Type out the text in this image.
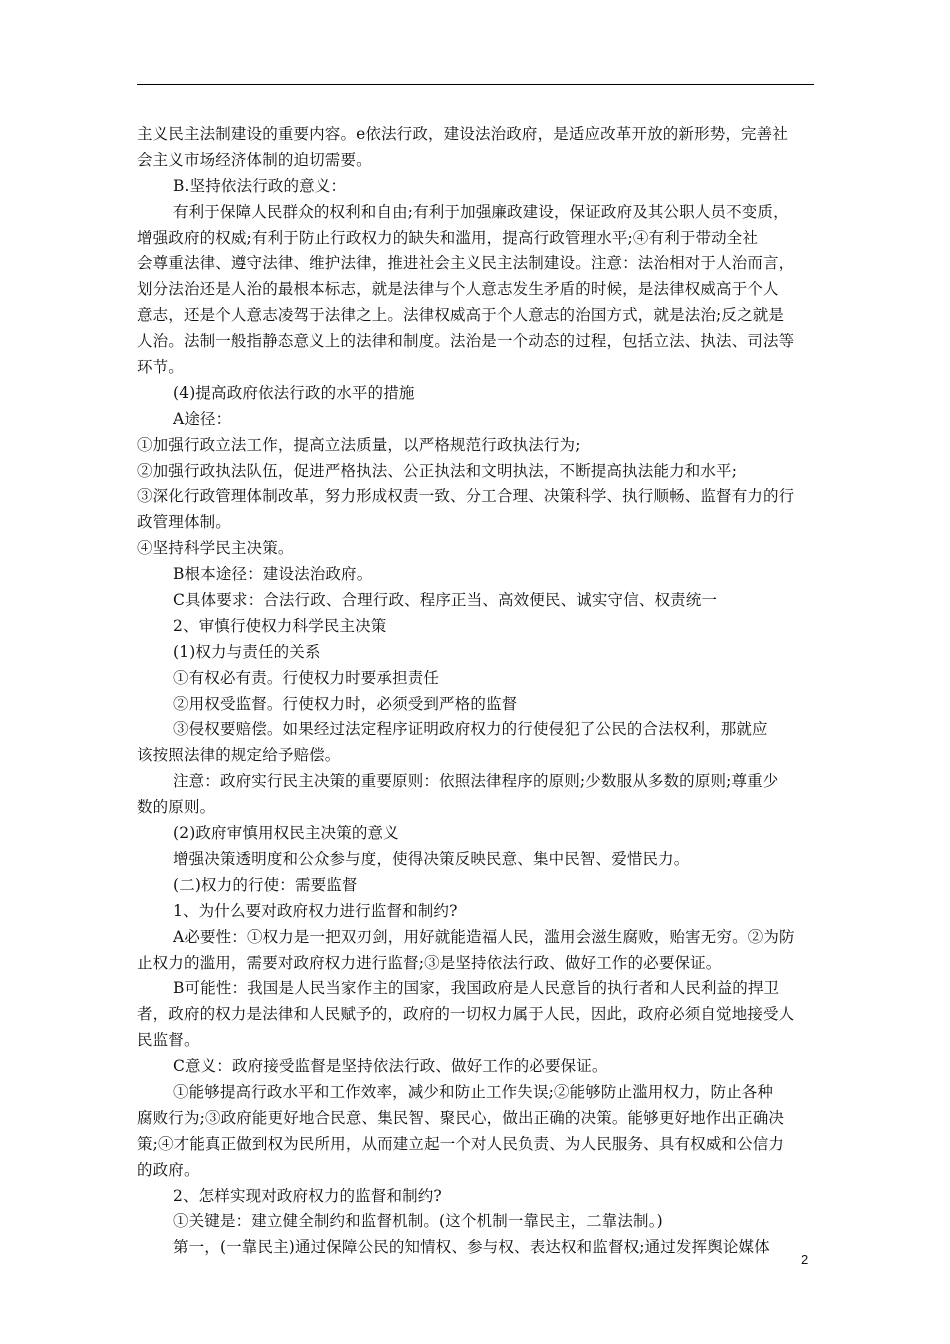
主义民主法制建设的重要内容。e依法行政，建设法治政府，是适应改革开放的新形势，完善社
会主义市场经济体制的迫切需要。
B.坚持依法行政的意义：
有利于保障人民群众的权利和自由;有利于加强廉政建设，保证政府及其公职人员不变质，
增强政府的权威;有利于防止行政权力的缺失和滥用，提高行政管理水平;④有利于带动全社
会尊重法律、遵守法律、维护法律，推进社会主义民主法制建设。注意：法治相对于人治而言，
划分法治还是人治的最根本标志，就是法律与个人意志发生矛盾的时候，是法律权威高于个人
意志，还是个人意志凌驾于法律之上。法律权威高于个人意志的治国方式，就是法治;反之就是
人治。法制一般指静态意义上的法律和制度。法治是一个动态的过程，包括立法、执法、司法等
环节。
(4)提高政府依法行政的水平的措施
A途径：
①加强行政立法工作，提高立法质量，以严格规范行政执法行为;
②加强行政执法队伍，促进严格执法、公正执法和文明执法，不断提高执法能力和水平;
③深化行政管理体制改革，努力形成权责一致、分工合理、决策科学、执行顺畅、监督有力的行
政管理体制。
④坚持科学民主决策。
B根本途径：建设法治政府。
C具体要求：合法行政、合理行政、程序正当、高效便民、诚实守信、权责统一
2、审慎行使权力科学民主决策
(1)权力与责任的关系
①有权必有责。行使权力时要承担责任
②用权受监督。行使权力时，必须受到严格的监督
③侵权要赔偿。如果经过法定程序证明政府权力的行使侵犯了公民的合法权利，那就应
该按照法律的规定给予赔偿。
注意：政府实行民主决策的重要原则：依照法律程序的原则;少数服从多数的原则;尊重少
数的原则。
(2)政府审慎用权民主决策的意义
增强决策透明度和公众参与度，使得决策反映民意、集中民智、爱惜民力。
(二)权力的行使：需要监督
1、为什么要对政府权力进行监督和制约?
A必要性：①权力是一把双刃剑，用好就能造福人民，滥用会滋生腐败，贻害无穷。②为防
止权力的滥用，需要对政府权力进行监督;③是坚持依法行政、做好工作的必要保证。
B可能性：我国是人民当家作主的国家，我国政府是人民意旨的执行者和人民利益的捍卫
者，政府的权力是法律和人民赋予的，政府的一切权力属于人民，因此，政府必须自觉地接受人
民监督。
C意义：政府接受监督是坚持依法行政、做好工作的必要保证。
①能够提高行政水平和工作效率，减少和防止工作失误;②能够防止滥用权力，防止各种
腐败行为;③政府能更好地合民意、集民智、聚民心，做出正确的决策。能够更好地作出正确决
策;④才能真正做到权为民所用，从而建立起一个对人民负责、为人民服务、具有权威和公信力
的政府。
2、怎样实现对政府权力的监督和制约?
①关键是：建立健全制约和监督机制。(这个机制一靠民主，二靠法制。)
第一，(一靠民主)通过保障公民的知情权、参与权、表达权和监督权;通过发挥舆论媒体
2
